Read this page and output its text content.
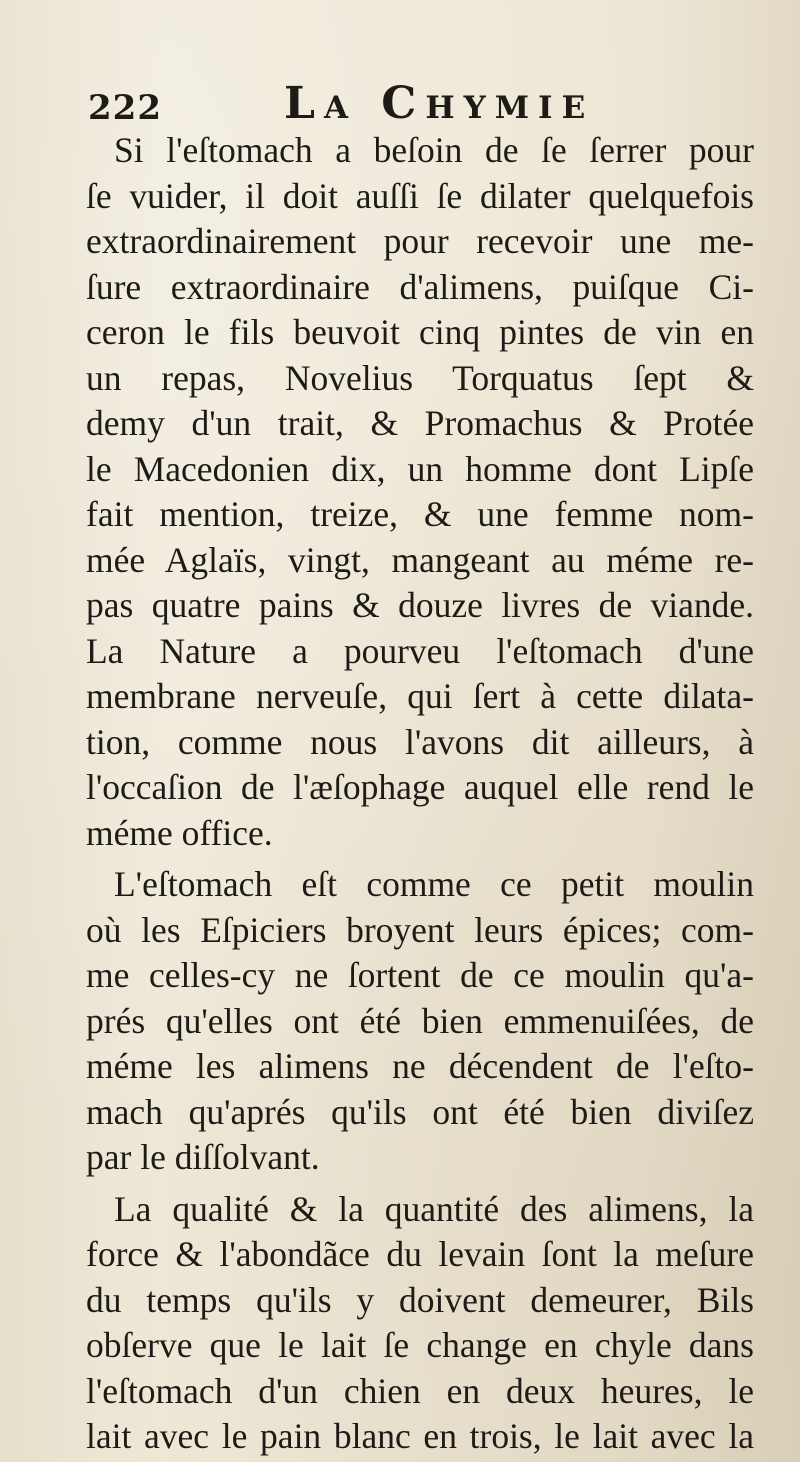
222	La Chymie
Si l'eſtomach a beſoin de ſe ſerrer pour
ſe vuider, il doit auſſi ſe dilater quelquefois
extraordinairement pour recevoir une me-
ſure extraordinaire d'alimens, puiſque Ci-
ceron le fils beuvoit cinq pintes de vin en
un repas, Novelius Torquatus ſept &
demy d'un trait, & Promachus & Protée
le Macedonien dix, un homme dont Lipſe
fait mention, treize, & une femme nom-
mée Aglaïs, vingt, mangeant au méme re-
pas quatre pains & douze livres de viande.
La Nature a pourveu l'eſtomach d'une
membrane nerveuſe, qui ſert à cette dilata-
tion, comme nous l'avons dit ailleurs, à
l'occaſion de l'æſophage auquel elle rend le
méme office.
L'eſtomach eſt comme ce petit moulin
où les Eſpiciers broyent leurs épices; com-
me celles-cy ne ſortent de ce moulin qu'a-
prés qu'elles ont été bien emmenuiſées, de
méme les alimens ne décendent de l'eſto-
mach qu'aprés qu'ils ont été bien diviſez
par le diſſolvant.
La qualité & la quantité des alimens, la
force & l'abondãce du levain ſont la meſure
du temps qu'ils y doivent demeurer, Bils
obſerve que le lait ſe change en chyle dans
l'eſtomach d'un chien en deux heures, le
lait avec le pain blanc en trois, le lait avec la
